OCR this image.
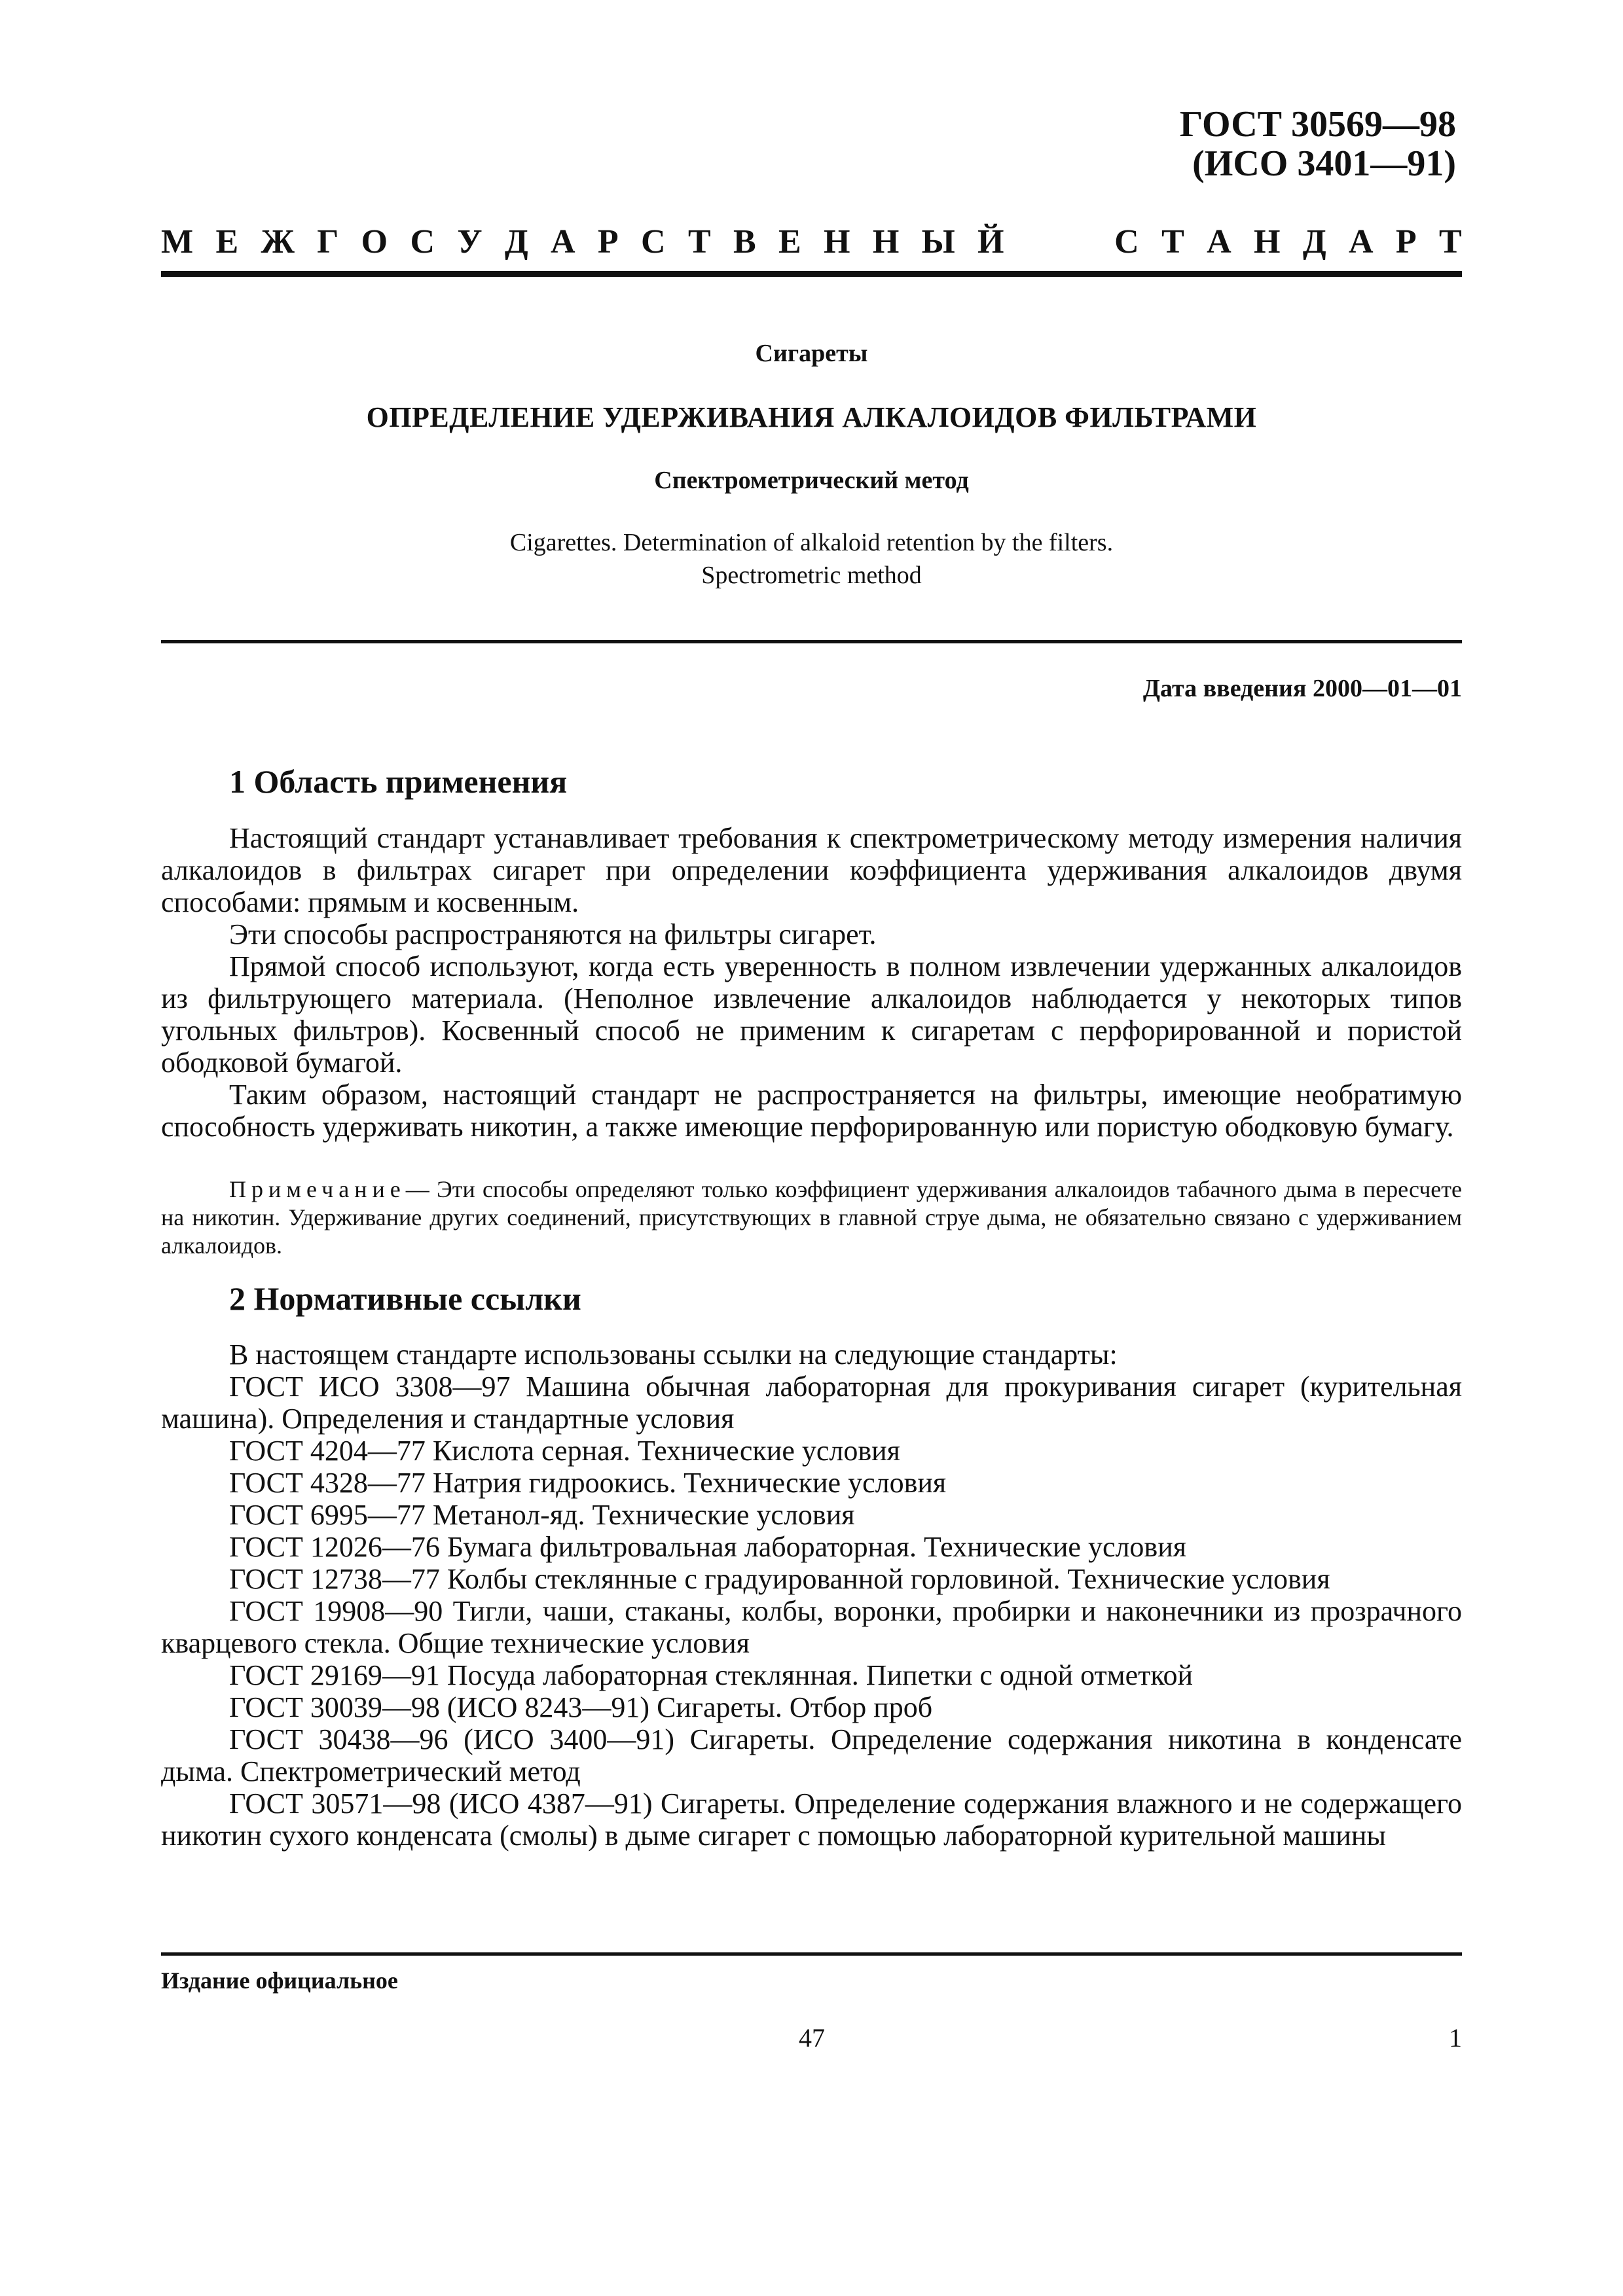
ГОСТ 30569—98
(ИСО 3401—91)
М Е Ж Г О С У Д А Р С Т В Е Н Н Ы Й	С Т А Н Д А Р Т
Сигареты
ОПРЕДЕЛЕНИЕ УДЕРЖИВАНИЯ АЛКАЛОИДОВ ФИЛЬТРАМИ
Спектрометрический метод
Cigarettes. Determination of alkaloid retention by the filters.
Spectrometric method
Дата введения 2000—01—01
1 Область применения

Настоящий стандарт устанавливает требования к спектрометрическому методу измерения наличия алкалоидов в фильтрах сигарет при определении коэффициента удерживания алкалоидов двумя способами: прямым и косвенным.

Эти способы распространяются на фильтры сигарет.

Прямой способ используют, когда есть уверенность в полном извлечении удержанных алкалоидов из фильтрующего материала. (Неполное извлечение алкалоидов наблюдается у некоторых типов угольных фильтров). Косвенный способ не применим к сигаретам с перфорированной и пористой ободковой бумагой.

Таким образом, настоящий стандарт не распространяется на фильтры, имеющие необратимую способность удерживать никотин, а также имеющие перфорированную или пористую ободковую бумагу.

Примечание— Эти способы определяют только коэффициент удерживания алкалоидов табачного дыма в пересчете на никотин. Удерживание других соединений, присутствующих в главной струе дыма, не обязательно связано с удерживанием алкалоидов.

2 Нормативные ссылки

В настоящем стандарте использованы ссылки на следующие стандарты:

ГОСТ ИСО 3308—97 Машина обычная лабораторная для прокуривания сигарет (курительная машина). Определения и стандартные условия

ГОСТ 4204—77 Кислота серная. Технические условия

ГОСТ 4328—77 Натрия гидроокись. Технические условия

ГОСТ 6995—77 Метанол-яд. Технические условия

ГОСТ 12026—76 Бумага фильтровальная лабораторная. Технические условия

ГОСТ 12738—77 Колбы стеклянные с градуированной горловиной. Технические условия

ГОСТ 19908—90 Тигли, чаши, стаканы, колбы, воронки, пробирки и наконечники из прозрачного кварцевого стекла. Общие технические условия

ГОСТ 29169—91 Посуда лабораторная стеклянная. Пипетки с одной отметкой

ГОСТ 30039—98 (ИСО 8243—91) Сигареты. Отбор проб

ГОСТ 30438—96 (ИСО 3400—91) Сигареты. Определение содержания никотина в конденсате дыма. Спектрометрический метод

ГОСТ 30571—98 (ИСО 4387—91) Сигареты. Определение содержания влажного и не содержащего никотин сухого конденсата (смолы) в дыме сигарет с помощью лабораторной курительной машины

Издание официальное
47	1
